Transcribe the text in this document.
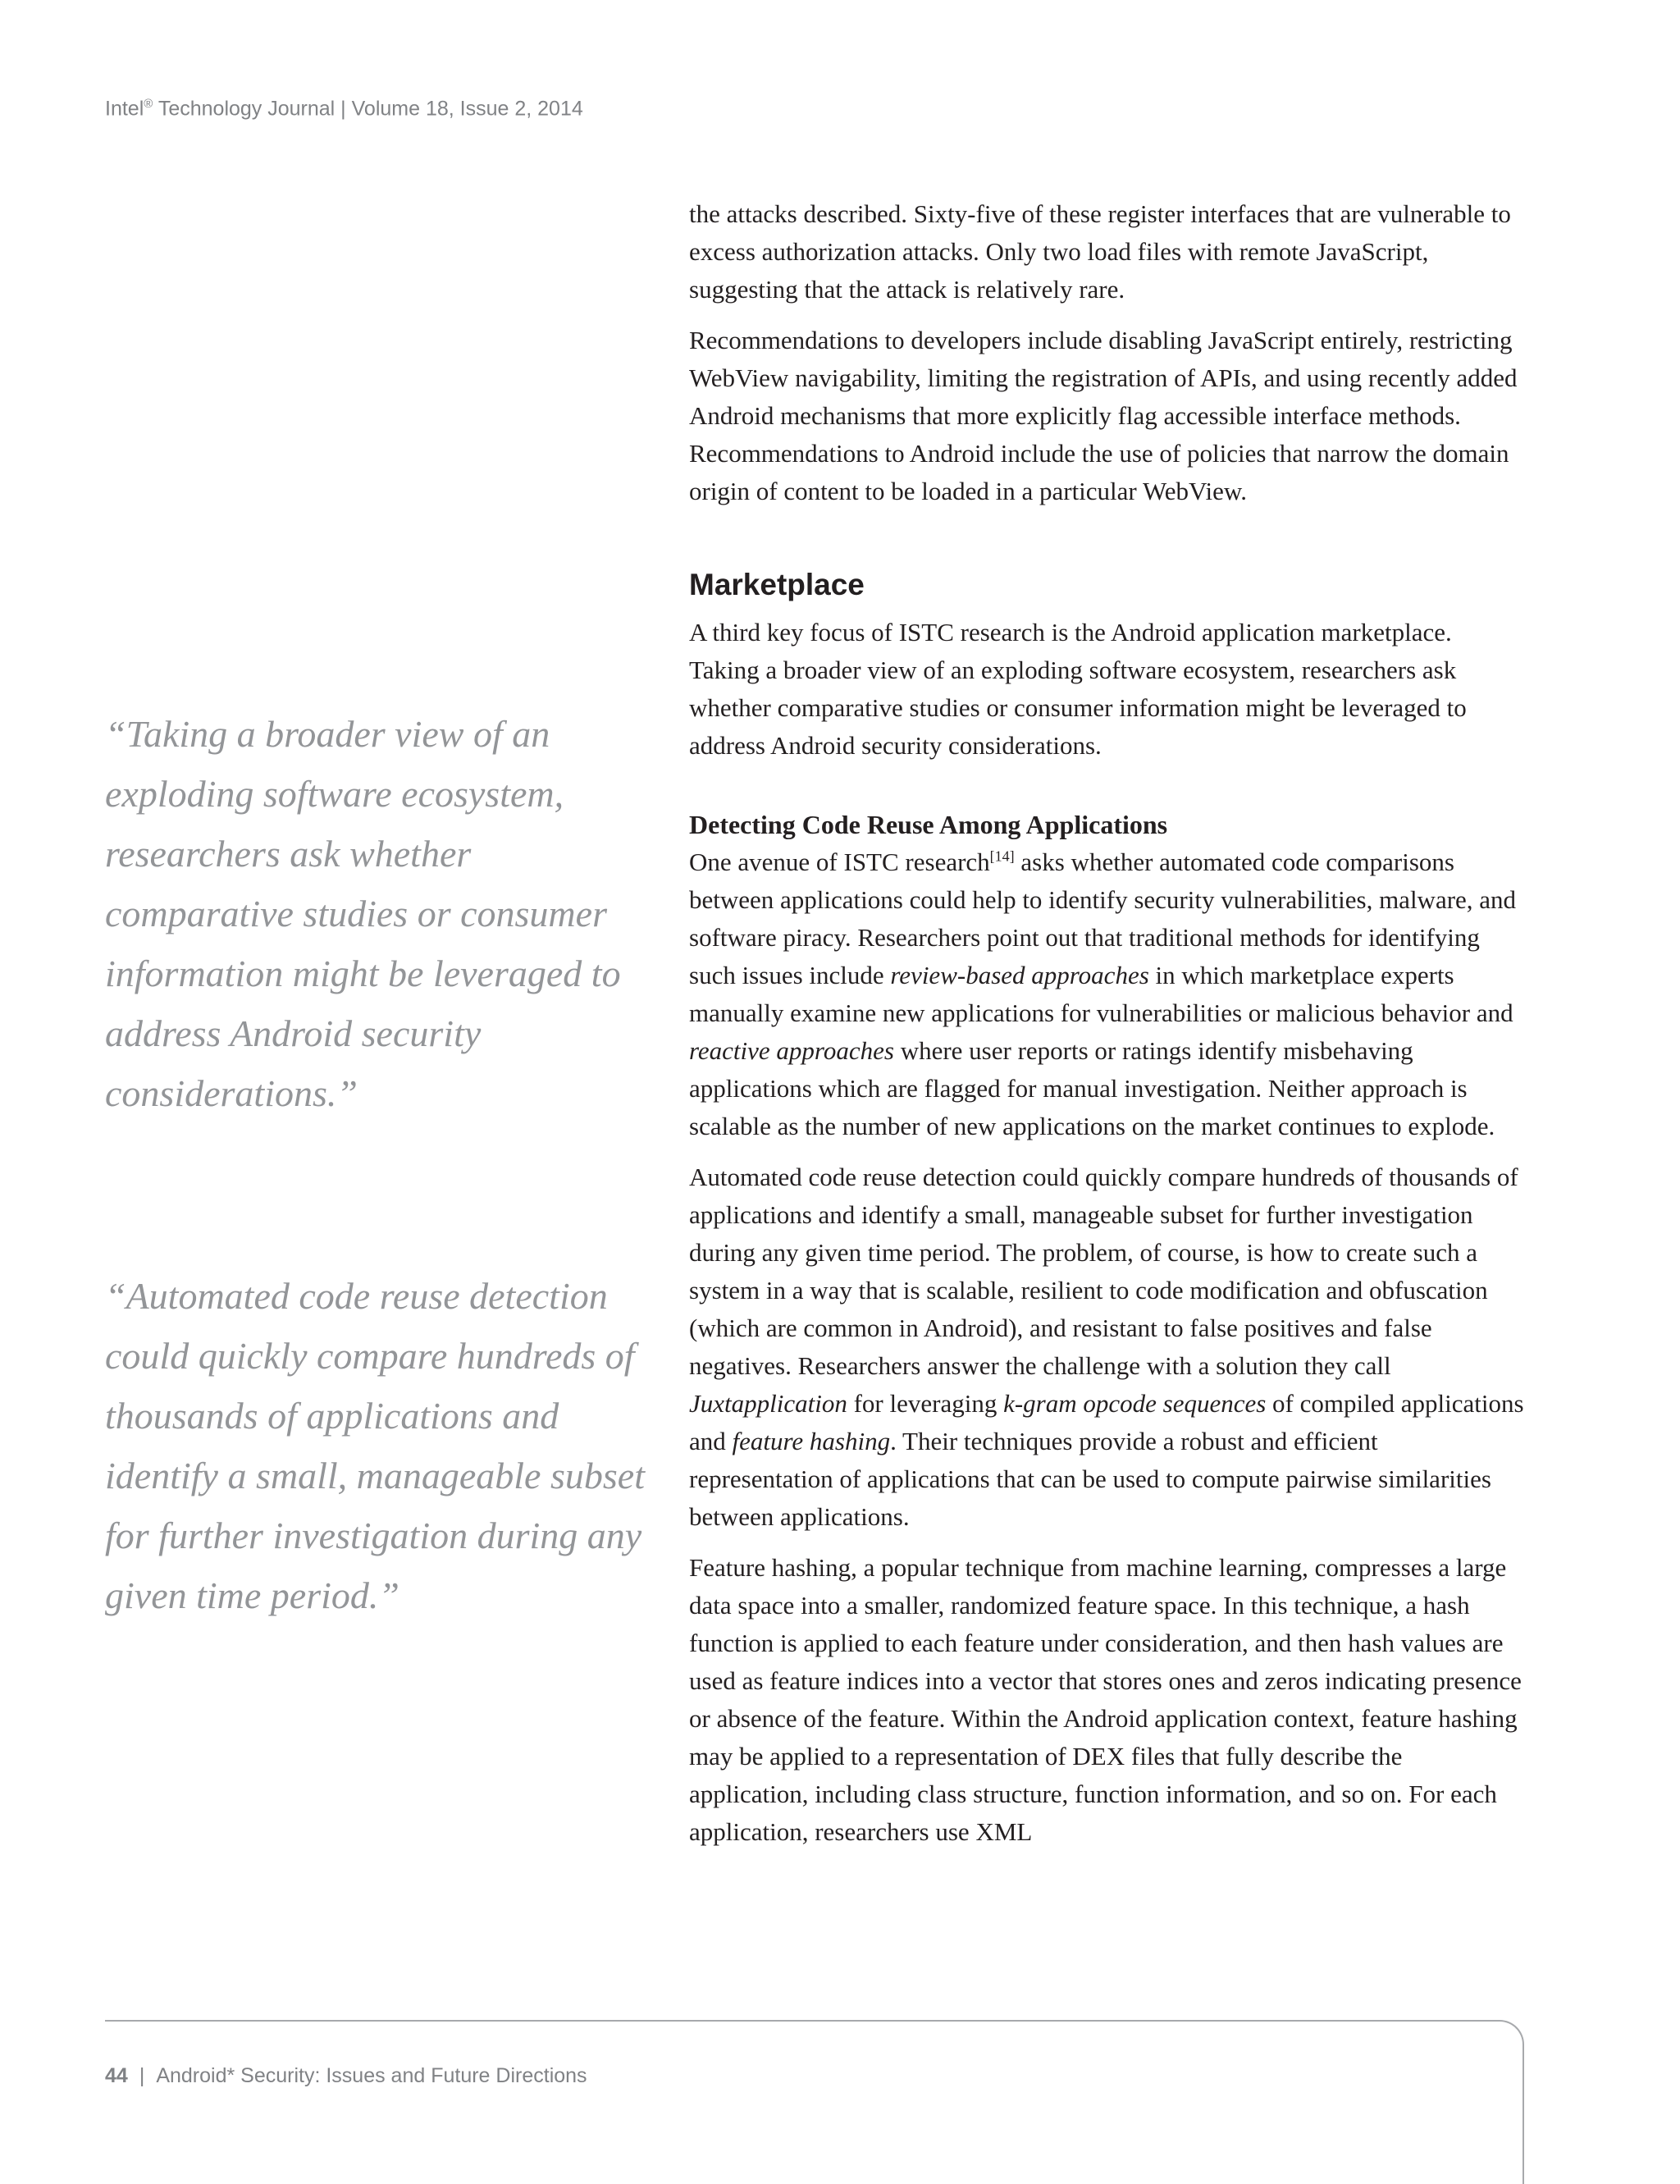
Intel® Technology Journal | Volume 18, Issue 2, 2014
“Taking a broader view of an exploding software ecosystem, researchers ask whether comparative studies or consumer information might be leveraged to address Android security considerations.”
“Automated code reuse detection could quickly compare hundreds of thousands of applications and identify a small, manageable subset for further investigation during any given time period.”

the attacks described. Sixty-five of these register interfaces that are vulnerable to excess authorization attacks. Only two load files with remote JavaScript, suggesting that the attack is relatively rare.

Recommendations to developers include disabling JavaScript entirely, restricting WebView navigability, limiting the registration of APIs, and using recently added Android mechanisms that more explicitly flag accessible interface methods. Recommendations to Android include the use of policies that narrow the domain origin of content to be loaded in a particular WebView.

Marketplace

A third key focus of ISTC research is the Android application marketplace. Taking a broader view of an exploding software ecosystem, researchers ask whether comparative studies or consumer information might be leveraged to address Android security considerations.

Detecting Code Reuse Among Applications

One avenue of ISTC research[14] asks whether automated code comparisons between applications could help to identify security vulnerabilities, malware, and software piracy. Researchers point out that traditional methods for identifying such issues include review-based approaches in which marketplace experts manually examine new applications for vulnerabilities or malicious behavior and reactive approaches where user reports or ratings identify misbehaving applications which are flagged for manual investigation. Neither approach is scalable as the number of new applications on the market continues to explode.

Automated code reuse detection could quickly compare hundreds of thousands of applications and identify a small, manageable subset for further investigation during any given time period. The problem, of course, is how to create such a system in a way that is scalable, resilient to code modification and obfuscation (which are common in Android), and resistant to false positives and false negatives. Researchers answer the challenge with a solution they call Juxtapplication for leveraging k-gram opcode sequences of compiled applications and feature hashing. Their techniques provide a robust and efficient representation of applications that can be used to compute pairwise similarities between applications.

Feature hashing, a popular technique from machine learning, compresses a large data space into a smaller, randomized feature space. In this technique, a hash function is applied to each feature under consideration, and then hash values are used as feature indices into a vector that stores ones and zeros indicating presence or absence of the feature. Within the Android application context, feature hashing may be applied to a representation of DEX files that fully describe the application, including class structure, function information, and so on. For each application, researchers use XML

44 | Android* Security: Issues and Future Directions
